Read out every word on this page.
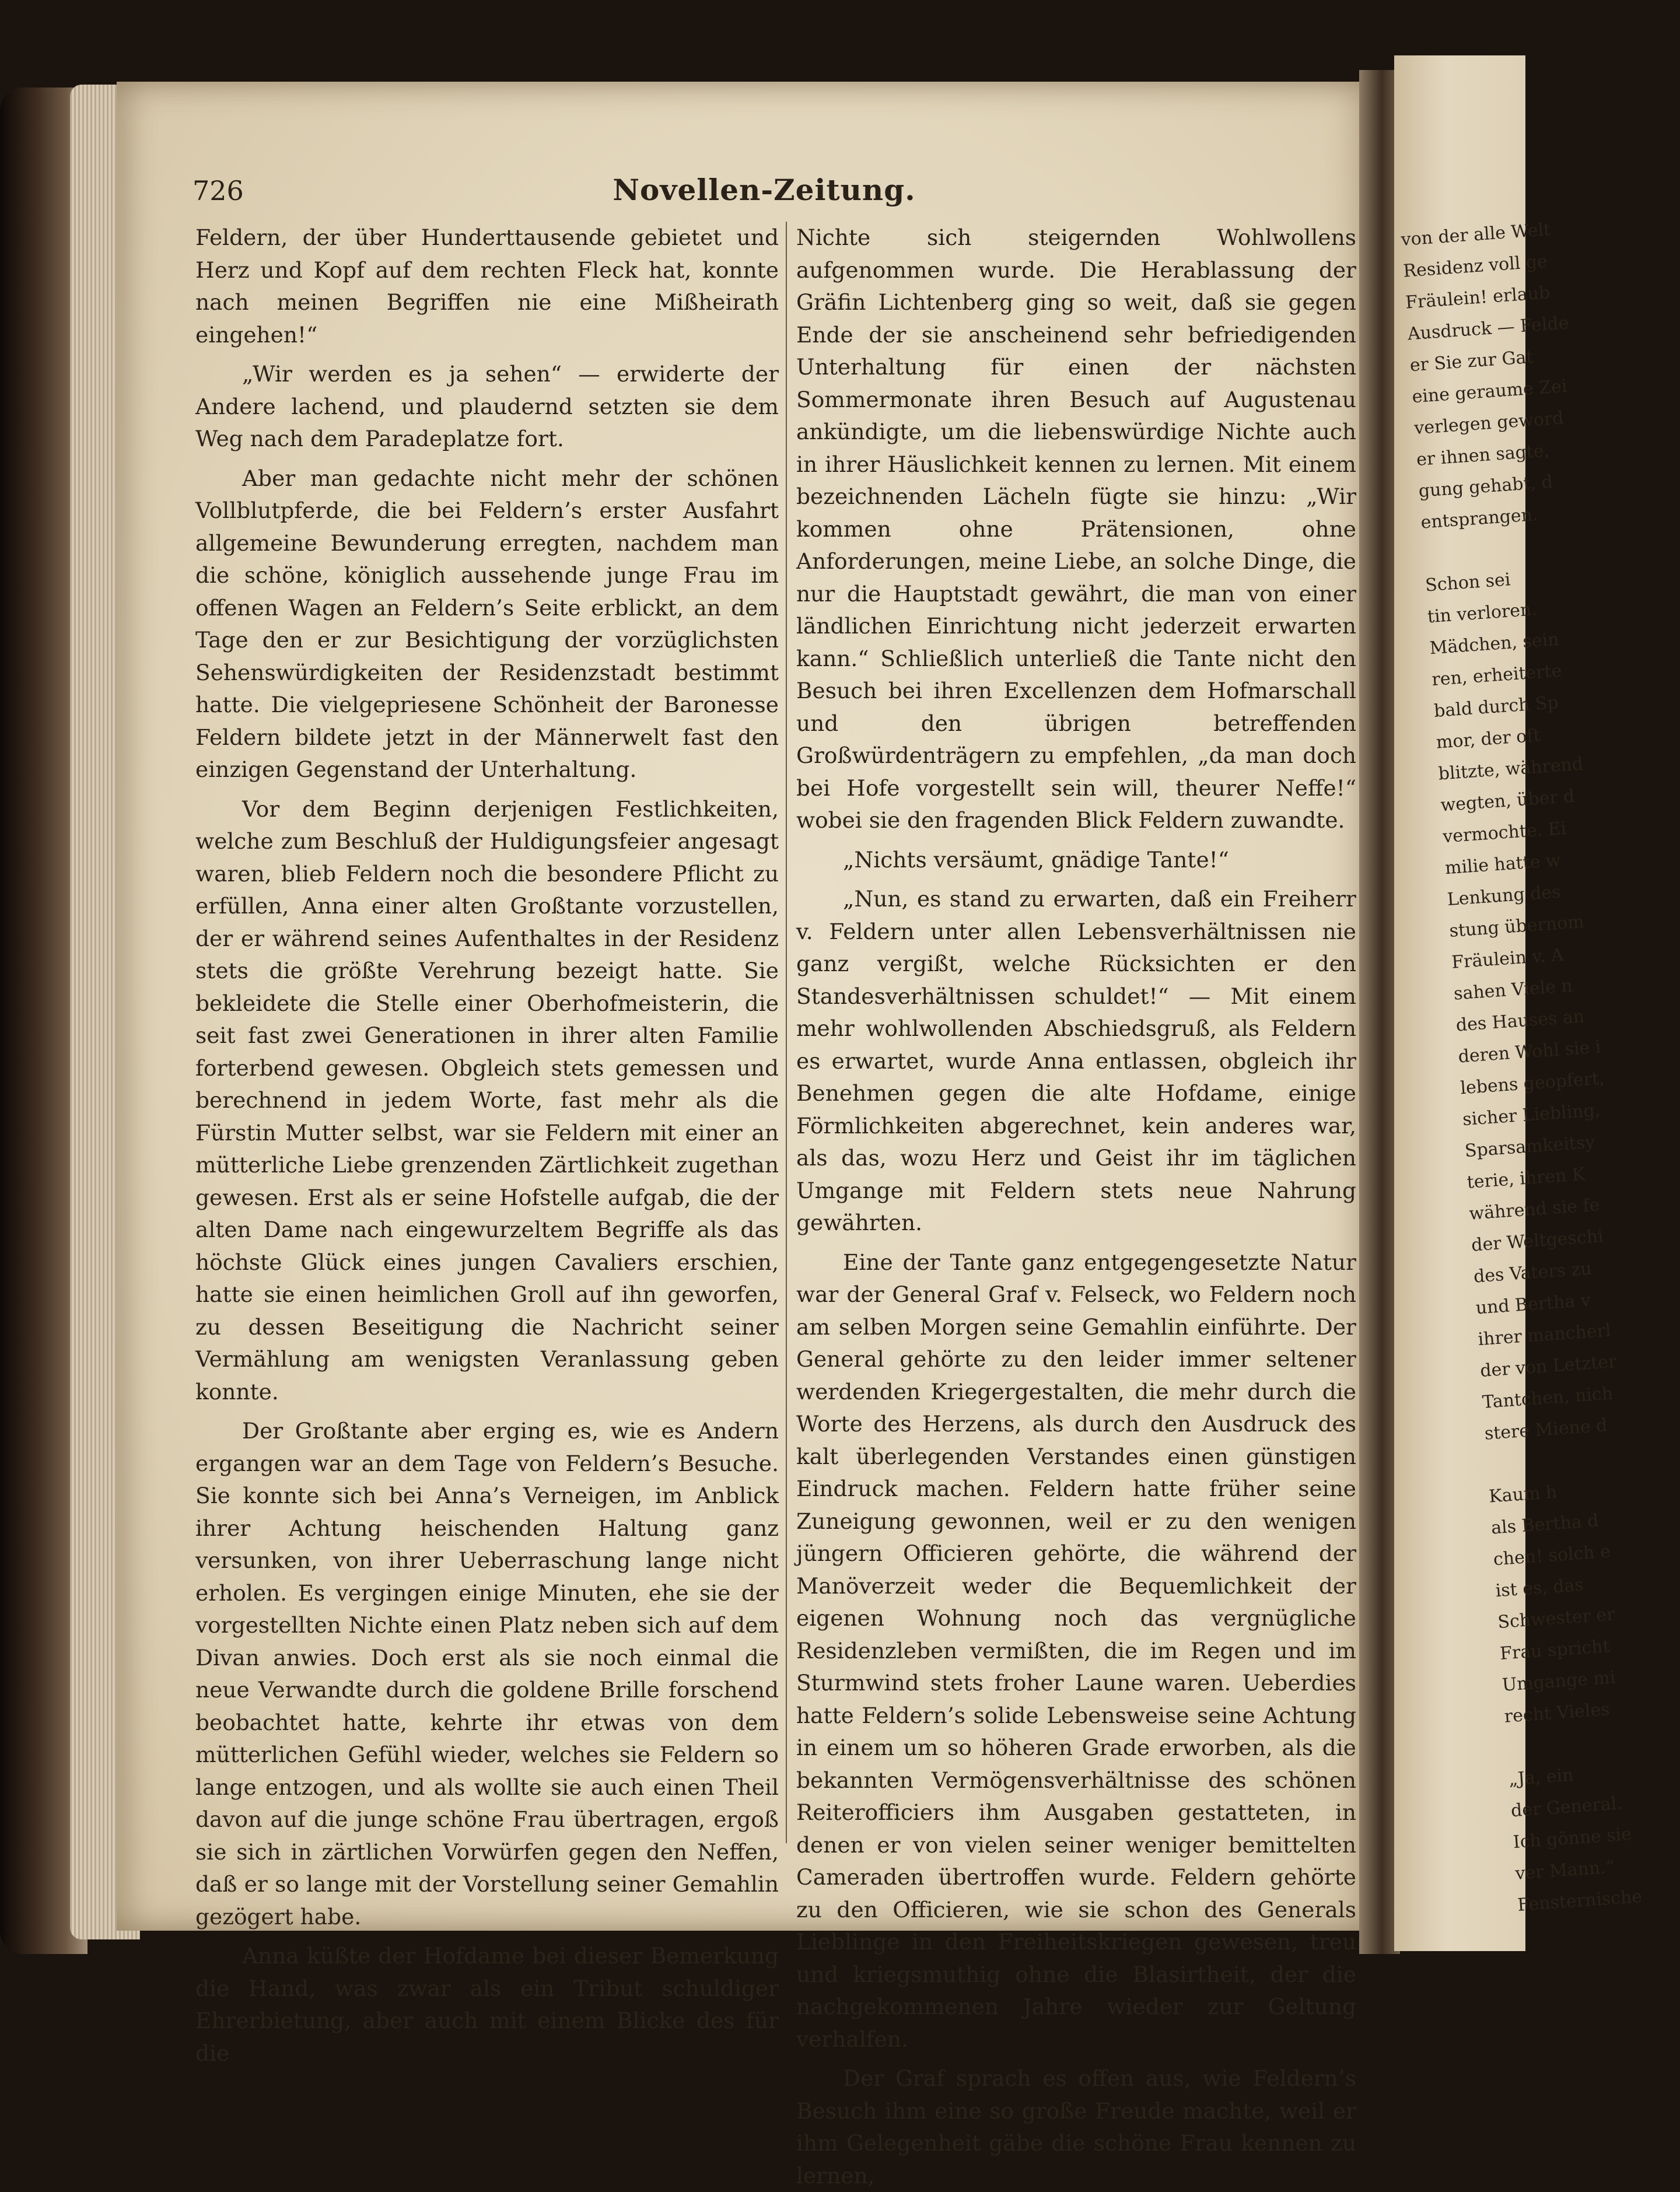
von der alle Welt
Residenz voll ge
Fräulein! erlaub
Ausdruck — Felde
er Sie zur Gat
eine geraume Zei
verlegen geword
er ihnen sagte,
gung gehabt, d
entsprangen.
Schon sei
tin verloren.
Mädchen, sein
ren, erheiterte
bald durch Sp
mor, der oft
blitzte, während
wegten, über d
vermochte. Ei
milie hatte w
Lenkung des
stung übernom
Fräulein v. A
sahen Viele n
des Hauses an
deren Wohl sie i
lebens geopfert,
sicher Liebling,
Sparsamkeitsy
terie, ihren K
während sie fe
der Weltgeschi
des Vaters zu
und Bertha v
ihrer mancherl
der von Letzter
Tantchen, nich
stere Miene d
Kaum h
als Bertha d
chen! solch e
ist es, das
Schwester er
Frau spricht
Umgange mi
recht Vieles
„Ja, ein
der General.
Ich gönne sie
ver Mann.“
Fensternische
726	Novellen-Zeitung.

Feldern, der über Hunderttausende gebietet und Herz und Kopf auf dem rechten Fleck hat, konnte nach meinen Begriffen nie eine Mißheirath eingehen!“

„Wir werden es ja sehen“ — erwiderte der Andere lachend, und plaudernd setzten sie dem Weg nach dem Paradeplatze fort.

Aber man gedachte nicht mehr der schönen Vollblutpferde, die bei Feldern’s erster Ausfahrt allgemeine Bewunderung erregten, nachdem man die schöne, königlich aussehende junge Frau im offenen Wagen an Feldern’s Seite erblickt, an dem Tage den er zur Besichtigung der vorzüglichsten Sehenswürdigkeiten der Residenzstadt bestimmt hatte. Die vielgepriesene Schönheit der Baronesse Feldern bildete jetzt in der Männerwelt fast den einzigen Gegenstand der Unterhaltung.

Vor dem Beginn derjenigen Festlichkeiten, welche zum Beschluß der Huldigungsfeier angesagt waren, blieb Feldern noch die besondere Pflicht zu erfüllen, Anna einer alten Großtante vorzustellen, der er während seines Aufenthaltes in der Residenz stets die größte Verehrung bezeigt hatte. Sie bekleidete die Stelle einer Oberhofmeisterin, die seit fast zwei Generationen in ihrer alten Familie forterbend gewesen. Obgleich stets gemessen und berechnend in jedem Worte, fast mehr als die Fürstin Mutter selbst, war sie Feldern mit einer an mütterliche Liebe grenzenden Zärtlichkeit zugethan gewesen. Erst als er seine Hofstelle aufgab, die der alten Dame nach eingewurzeltem Begriffe als das höchste Glück eines jungen Cavaliers erschien, hatte sie einen heimlichen Groll auf ihn geworfen, zu dessen Beseitigung die Nachricht seiner Vermählung am wenigsten Veranlassung geben konnte.

Der Großtante aber erging es, wie es Andern ergangen war an dem Tage von Feldern’s Besuche. Sie konnte sich bei Anna’s Verneigen, im Anblick ihrer Achtung heischenden Haltung ganz versunken, von ihrer Ueberraschung lange nicht erholen. Es vergingen einige Minuten, ehe sie der vorgestellten Nichte einen Platz neben sich auf dem Divan anwies. Doch erst als sie noch einmal die neue Verwandte durch die goldene Brille forschend beobachtet hatte, kehrte ihr etwas von dem mütterlichen Gefühl wieder, welches sie Feldern so lange entzogen, und als wollte sie auch einen Theil davon auf die junge schöne Frau übertragen, ergoß sie sich in zärtlichen Vorwürfen gegen den Neffen, daß er so lange mit der Vorstellung seiner Gemahlin gezögert habe.

Anna küßte der Hofdame bei dieser Bemerkung die Hand, was zwar als ein Tribut schuldiger Ehrerbietung, aber auch mit einem Blicke des für die

Nichte sich steigernden Wohlwollens aufgenommen wurde. Die Herablassung der Gräfin Lichtenberg ging so weit, daß sie gegen Ende der sie anscheinend sehr befriedigenden Unterhaltung für einen der nächsten Sommermonate ihren Besuch auf Augustenau ankündigte, um die liebenswürdige Nichte auch in ihrer Häuslichkeit kennen zu lernen. Mit einem bezeichnenden Lächeln fügte sie hinzu: „Wir kommen ohne Prätensionen, ohne Anforderungen, meine Liebe, an solche Dinge, die nur die Hauptstadt gewährt, die man von einer ländlichen Einrichtung nicht jederzeit erwarten kann.“ Schließlich unterließ die Tante nicht den Besuch bei ihren Excellenzen dem Hofmarschall und den übrigen betreffenden Großwürdenträgern zu empfehlen, „da man doch bei Hofe vorgestellt sein will, theurer Neffe!“ wobei sie den fragenden Blick Feldern zuwandte.

„Nichts versäumt, gnädige Tante!“

„Nun, es stand zu erwarten, daß ein Freiherr v. Feldern unter allen Lebensverhältnissen nie ganz vergißt, welche Rücksichten er den Standesverhältnissen schuldet!“ — Mit einem mehr wohlwollenden Abschiedsgruß, als Feldern es erwartet, wurde Anna entlassen, obgleich ihr Benehmen gegen die alte Hofdame, einige Förmlichkeiten abgerechnet, kein anderes war, als das, wozu Herz und Geist ihr im täglichen Umgange mit Feldern stets neue Nahrung gewährten.

Eine der Tante ganz entgegengesetzte Natur war der General Graf v. Felseck, wo Feldern noch am selben Morgen seine Gemahlin einführte. Der General gehörte zu den leider immer seltener werdenden Kriegergestalten, die mehr durch die Worte des Herzens, als durch den Ausdruck des kalt überlegenden Verstandes einen günstigen Eindruck machen. Feldern hatte früher seine Zuneigung gewonnen, weil er zu den wenigen jüngern Officieren gehörte, die während der Manöverzeit weder die Bequemlichkeit der eigenen Wohnung noch das vergnügliche Residenzleben vermißten, die im Regen und im Sturmwind stets froher Laune waren. Ueberdies hatte Feldern’s solide Lebensweise seine Achtung in einem um so höheren Grade erworben, als die bekannten Vermögensverhältnisse des schönen Reiterofficiers ihm Ausgaben gestatteten, in denen er von vielen seiner weniger bemittelten Cameraden übertroffen wurde. Feldern gehörte zu den Officieren, wie sie schon des Generals Lieblinge in den Freiheitskriegen gewesen, treu und kriegsmuthig ohne die Blasirtheit, der die nachgekommenen Jahre wieder zur Geltung verhalfen.

Der Graf sprach es offen aus, wie Feldern’s Besuch ihm eine so große Freude machte, weil er ihm Gelegenheit gäbe die schöne Frau kennen zu lernen,
